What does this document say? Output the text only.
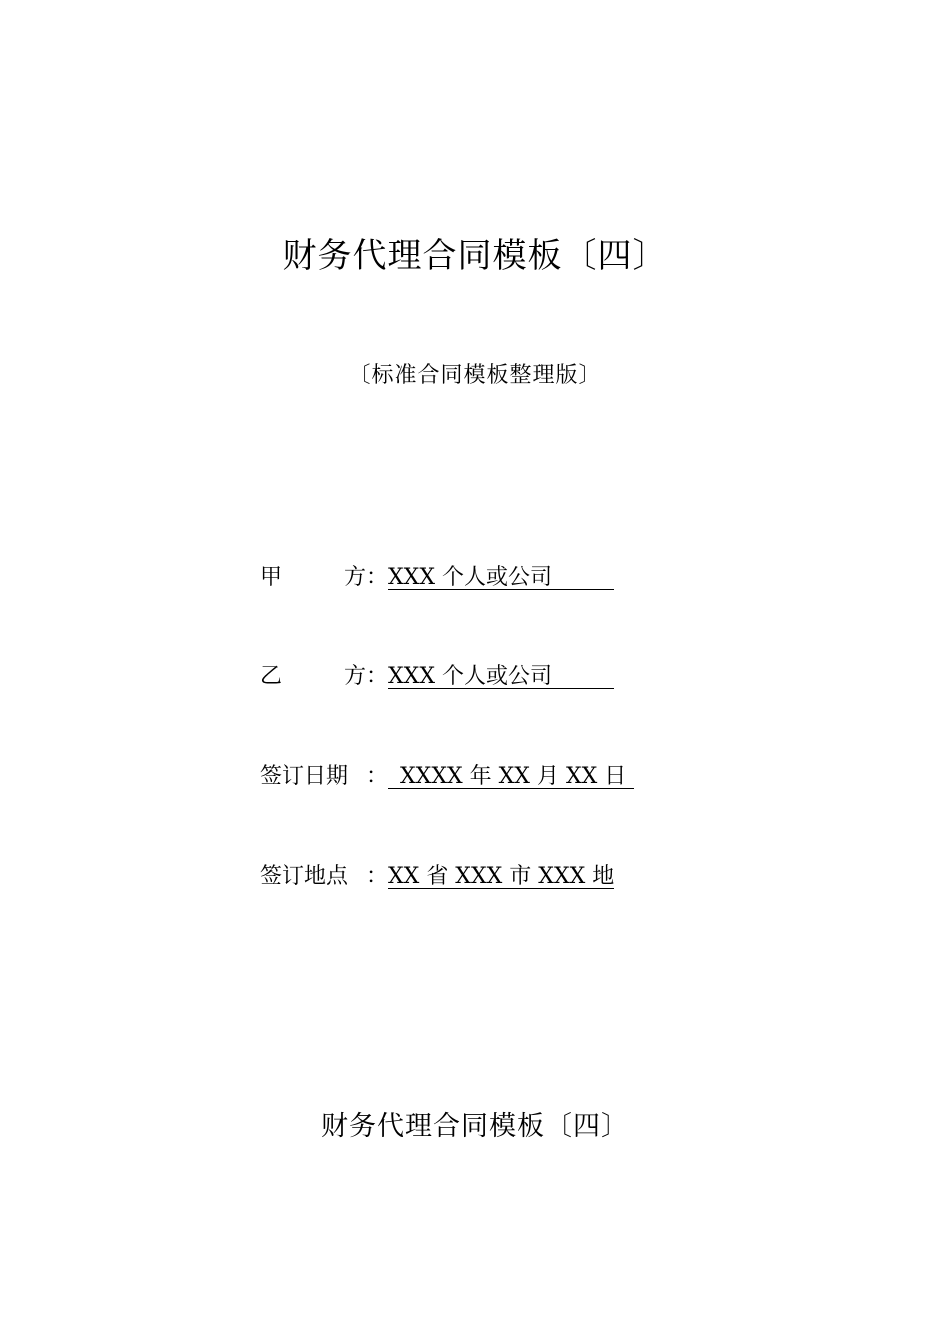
财务代理合同模板〔四〕
〔标准合同模板整理版〕
甲	方 ： XXX 个人或公司
乙	方 ： XXX 个人或公司
签订日期 ： XXXX 年 XX 月 XX 日
签订地点 ： XX 省 XXX 市 XXX 地
财务代理合同模板〔四〕
